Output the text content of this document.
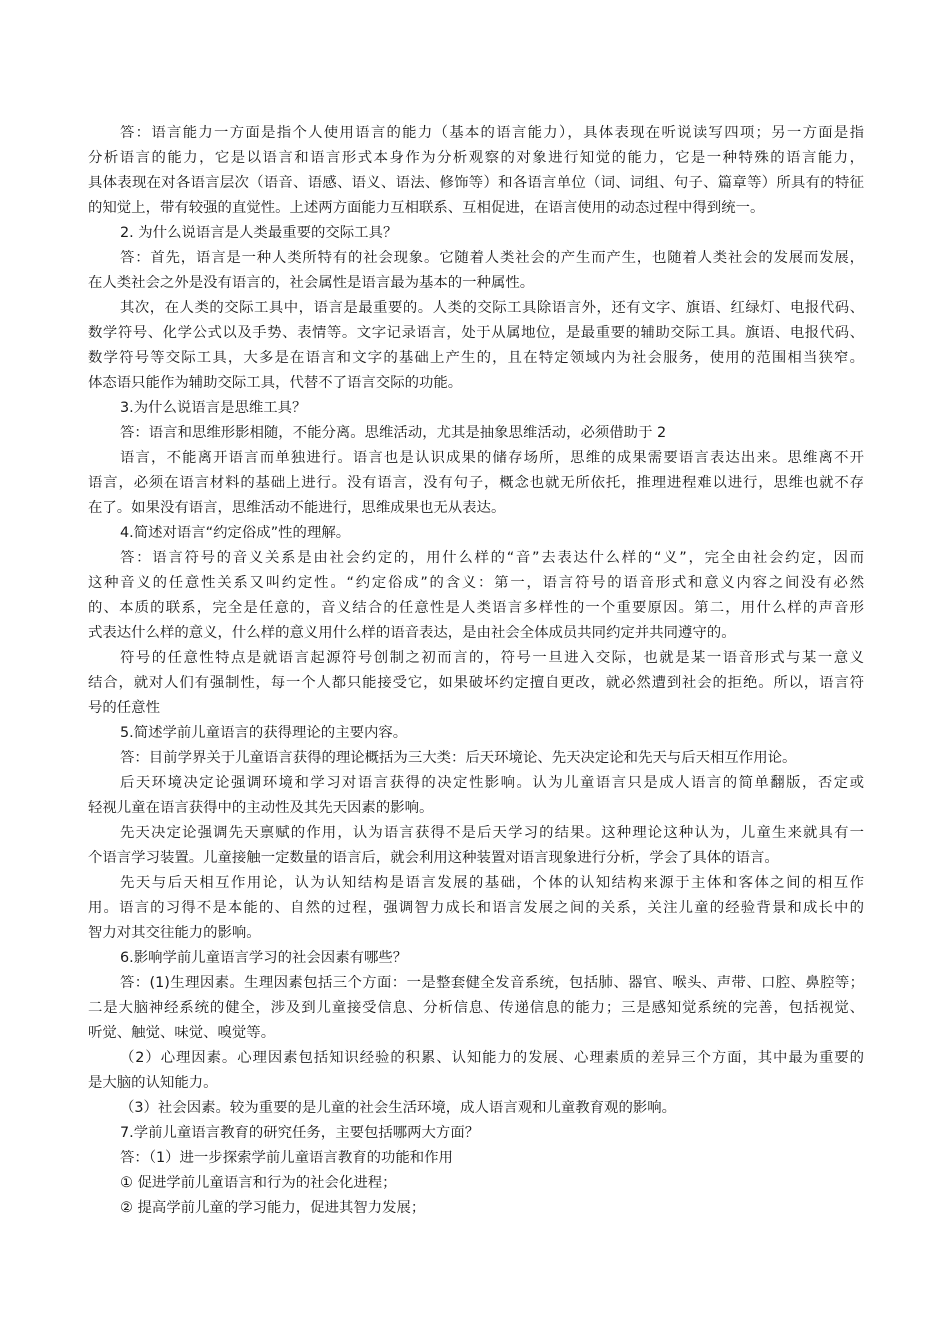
答：语言能力一方面是指个人使用语言的能力（基本的语言能力），具体表现在听说读写四项；另一方面是指
分析语言的能力，它是以语言和语言形式本身作为分析观察的对象进行知觉的能力，它是一种特殊的语言能力，
具体表现在对各语言层次（语音、语感、语义、语法、修饰等）和各语言单位（词、词组、句子、篇章等）所具有的特征
的知觉上，带有较强的直觉性。上述两方面能力互相联系、互相促进，在语言使用的动态过程中得到统一。
2. 为什么说语言是人类最重要的交际工具？
答：首先，语言是一种人类所特有的社会现象。它随着人类社会的产生而产生，也随着人类社会的发展而发展，
在人类社会之外是没有语言的，社会属性是语言最为基本的一种属性。
其次，在人类的交际工具中，语言是最重要的。人类的交际工具除语言外，还有文字、旗语、红绿灯、电报代码、
数学符号、化学公式以及手势、表情等。文字记录语言，处于从属地位，是最重要的辅助交际工具。旗语、电报代码、
数学符号等交际工具，大多是在语言和文字的基础上产生的，且在特定领域内为社会服务，使用的范围相当狭窄。
体态语只能作为辅助交际工具，代替不了语言交际的功能。
3.为什么说语言是思维工具？
答：语言和思维形影相随，不能分离。思维活动，尤其是抽象思维活动，必须借助于 2
语言，不能离开语言而单独进行。语言也是认识成果的储存场所，思维的成果需要语言表达出来。思维离不开
语言，必须在语言材料的基础上进行。没有语言，没有句子，概念也就无所依托，推理进程难以进行，思维也就不存
在了。如果没有语言，思维活动不能进行，思维成果也无从表达。
4.简述对语言“约定俗成”性的理解。
答：语言符号的音义关系是由社会约定的，用什么样的“音”去表达什么样的“义”，完全由社会约定，因而
这种音义的任意性关系又叫约定性。“约定俗成”的含义：第一，语言符号的语音形式和意义内容之间没有必然
的、本质的联系，完全是任意的，音义结合的任意性是人类语言多样性的一个重要原因。第二，用什么样的声音形
式表达什么样的意义，什么样的意义用什么样的语音表达，是由社会全体成员共同约定并共同遵守的。
符号的任意性特点是就语言起源符号创制之初而言的，符号一旦进入交际，也就是某一语音形式与某一意义
结合，就对人们有强制性，每一个人都只能接受它，如果破坏约定擅自更改，就必然遭到社会的拒绝。所以，语言符
号的任意性
5.简述学前儿童语言的获得理论的主要内容。
答：目前学界关于儿童语言获得的理论概括为三大类：后天环境论、先天决定论和先天与后天相互作用论。
后天环境决定论强调环境和学习对语言获得的决定性影响。认为儿童语言只是成人语言的简单翻版，否定或
轻视儿童在语言获得中的主动性及其先天因素的影响。
先天决定论强调先天禀赋的作用，认为语言获得不是后天学习的结果。这种理论这种认为，儿童生来就具有一
个语言学习装置。儿童接触一定数量的语言后，就会利用这种装置对语言现象进行分析，学会了具体的语言。
先天与后天相互作用论，认为认知结构是语言发展的基础，个体的认知结构来源于主体和客体之间的相互作
用。语言的习得不是本能的、自然的过程，强调智力成长和语言发展之间的关系，关注儿童的经验背景和成长中的
智力对其交往能力的影响。
6.影响学前儿童语言学习的社会因素有哪些？
答：(1)生理因素。生理因素包括三个方面：一是整套健全发音系统，包括肺、器官、喉头、声带、口腔、鼻腔等；
二是大脑神经系统的健全，涉及到儿童接受信息、分析信息、传递信息的能力；三是感知觉系统的完善，包括视觉、
听觉、触觉、味觉、嗅觉等。
（2）心理因素。心理因素包括知识经验的积累、认知能力的发展、心理素质的差异三个方面，其中最为重要的
是大脑的认知能力。
（3）社会因素。较为重要的是儿童的社会生活环境，成人语言观和儿童教育观的影响。
7.学前儿童语言教育的研究任务，主要包括哪两大方面？
答：（1）进一步探索学前儿童语言教育的功能和作用
① 促进学前儿童语言和行为的社会化进程；
② 提高学前儿童的学习能力，促进其智力发展；
